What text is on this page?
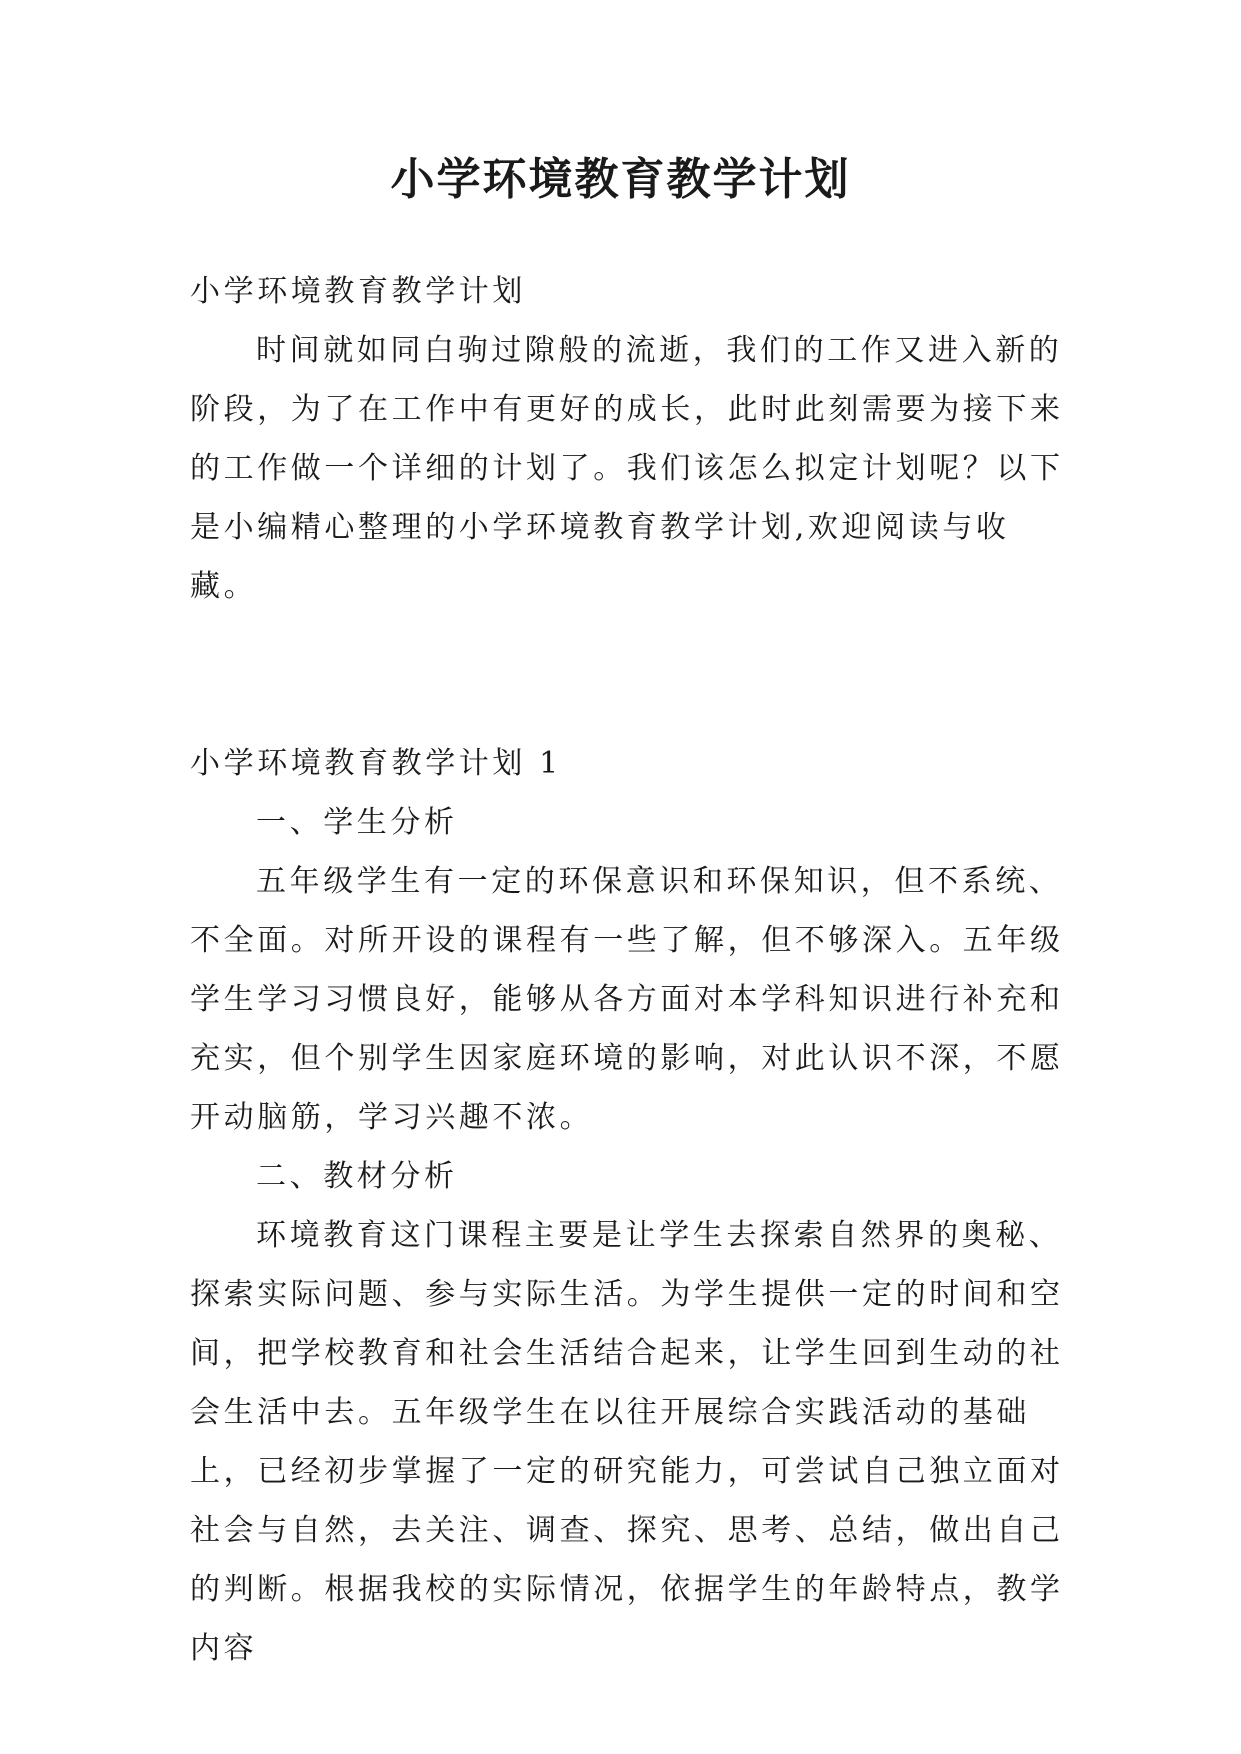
小学环境教育教学计划

小学环境教育教学计划

时间就如同白驹过隙般的流逝，我们的工作又进入新的阶段，为了在工作中有更好的成长，此时此刻需要为接下来的工作做一个详细的计划了。我们该怎么拟定计划呢？以下是小编精心整理的小学环境教育教学计划,欢迎阅读与收藏。

小学环境教育教学计划 1

一、学生分析

五年级学生有一定的环保意识和环保知识，但不系统、不全面。对所开设的课程有一些了解，但不够深入。五年级学生学习习惯良好，能够从各方面对本学科知识进行补充和充实，但个别学生因家庭环境的影响，对此认识不深，不愿开动脑筋，学习兴趣不浓。

二、教材分析

环境教育这门课程主要是让学生去探索自然界的奥秘、探索实际问题、参与实际生活。为学生提供一定的时间和空间，把学校教育和社会生活结合起来，让学生回到生动的社会生活中去。五年级学生在以往开展综合实践活动的基础上，已经初步掌握了一定的研究能力，可尝试自己独立面对社会与自然，去关注、调查、探究、思考、总结，做出自己的判断。根据我校的实际情况，依据学生的年龄特点，教学内容
